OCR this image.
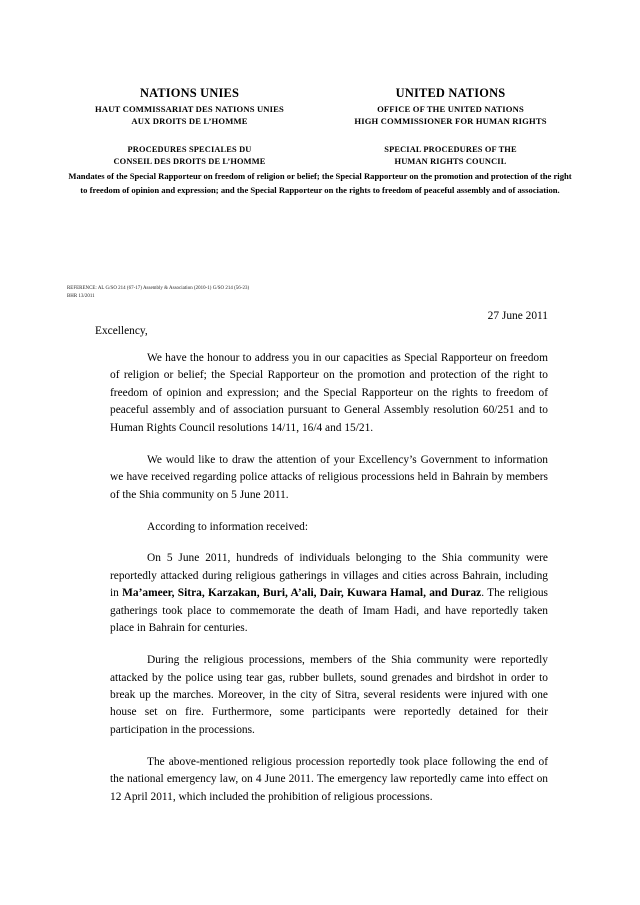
NATIONS UNIES
HAUT COMMISSARIAT DES NATIONS UNIES
AUX DROITS DE L’HOMME
UNITED NATIONS
OFFICE OF THE UNITED NATIONS
HIGH COMMISSIONER FOR HUMAN RIGHTS
PROCEDURES SPECIALES DU
CONSEIL DES DROITS DE L’HOMME
SPECIAL PROCEDURES OF THE
HUMAN RIGHTS COUNCIL
Mandates of the Special Rapporteur on freedom of religion or belief; the Special Rapporteur on the promotion and protection of the right to freedom of opinion and expression; and the Special Rapporteur on the rights to freedom of peaceful assembly and of association.
REFERENCE: AL G/SO 214 (67-17) Assembly & Association (2010-1) G/SO 214 (56-23)
BHR 13/2011
27 June 2011
Excellency,

We have the honour to address you in our capacities as Special Rapporteur on freedom of religion or belief; the Special Rapporteur on the promotion and protection of the right to freedom of opinion and expression; and the Special Rapporteur on the rights to freedom of peaceful assembly and of association pursuant to General Assembly resolution 60/251 and to Human Rights Council resolutions 14/11, 16/4 and 15/21.

We would like to draw the attention of your Excellency’s Government to information we have received regarding police attacks of religious processions held in Bahrain by members of the Shia community on 5 June 2011.

According to information received:

On 5 June 2011, hundreds of individuals belonging to the Shia community were reportedly attacked during religious gatherings in villages and cities across Bahrain, including in Ma’ameer, Sitra, Karzakan, Buri, A’ali, Dair, Kuwara Hamal, and Duraz. The religious gatherings took place to commemorate the death of Imam Hadi, and have reportedly taken place in Bahrain for centuries.

During the religious processions, members of the Shia community were reportedly attacked by the police using tear gas, rubber bullets, sound grenades and birdshot in order to break up the marches. Moreover, in the city of Sitra, several residents were injured with one house set on fire. Furthermore, some participants were reportedly detained for their participation in the processions.

The above-mentioned religious procession reportedly took place following the end of the national emergency law, on 4 June 2011. The emergency law reportedly came into effect on 12 April 2011, which included the prohibition of religious processions.
